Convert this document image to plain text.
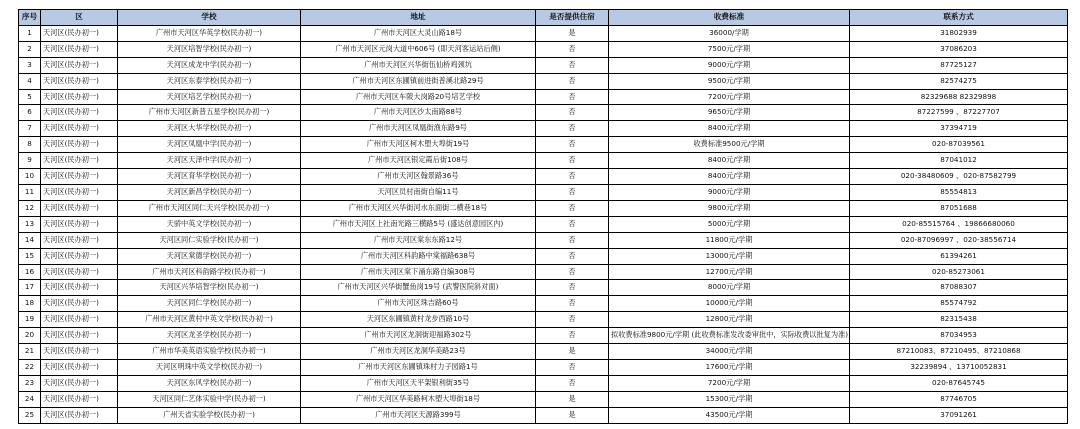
序号	区	学校	地址	是否提供住宿	收费标准	联系方式
1	天河区(民办初一)	广州市天河区华英学校(民办初一)	广州市天河区大灵山路18号	是	36000/学期	31802939
2	天河区(民办初一)	天河区培智学校(民办初一)	广州市天河区元岗大道中606号 (即天河客运站后侧)	否	7500元/学期	37086203
3	天河区(民办初一)	天河区成龙中学(民办初一)	广州市天河区兴华街伍仙桥鸡颈坑	否	9000元/学期	87725127
4	天河区(民办初一)	天河区东泰学校(民办初一)	广州市天河区东圃镇前进街普溪北路29号	否	9500元/学期	82574275
5	天河区(民办初一)	天河区培艺学校(民办初一)	广州市天河区车陂大岗路20号培艺学校	否	7200元/学期	82329688 82329898
6	天河区(民办初一)	广州市天河区新普五星学校(民办初一)	广州市天河区沙太南路88号	否	9650元/学期	87227599 、87227707
7	天河区(民办初一)	天河区大华学校(民办初一)	广州市天河区凤凰街渔东路9号	否	8400元/学期	37394719
8	天河区(民办初一)	天河区凤凰中学(民办初一)	广州市天河区柯木塱大埠街19号	否	收费标准9500元/学期	020-87039561
9	天河区(民办初一)	天河区天泽中学(民办初一)	广州市天河区银定霞后街108号	否	8400元/学期	87041012
10	天河区(民办初一)	天河区育华学校(民办初一)	广州市天河区翰景路36号	否	8400元/学期	020-38480609 、020-87582799
11	天河区(民办初一)	天河区新昌学校(民办初一)	天河区员村南街自编11号	否	9000元/学期	85554813
12	天河区(民办初一)	广州市天河区同仁天兴学校(民办初一)	广州市天河区兴华街河水东面街二横巷18号	否	9800元/学期	87051688
13	天河区(民办初一)	天骄中英文学校(民办初一)	广州市天河区上社南光路三横路5号 (盛达创意园区内)	否	5000元/学期	020-85515764 、19866680060
14	天河区(民办初一)	天河区同仁实验学校(民办初一)	广州市天河区棠东东路12号	否	11800元/学期	020-87096997 、020-38556714
15	天河区(民办初一)	天河区棠德学校(民办初一)	广州市天河区科韵路中棠福路638号	否	13000元/学期	61394261
16	天河区(民办初一)	广州市天河区科韵路学校(民办初一)	广州市天河区棠下涌东路自编308号	否	12700元/学期	020-85273061
17	天河区(民办初一)	天河区兴华培智学校(民办初一)	广州市天河区兴华街蟹鱼岗19号 (武警医院斜对面)	否	8000元/学期	87088307
18	天河区(民办初一)	天河区同仁学校(民办初一)	广州市天河区珠吉路60号	否	10000元/学期	85574792
19	天河区(民办初一)	广州市天河区黄村中英文学校(民办初一)	天河区东圃镇黄村龙步西路10号	否	12800元/学期	82315438
20	天河区(民办初一)	天河区龙圣学校(民办初一)	广州市天河区龙洞街迎福路302号	否	拟收费标准9800元/学期 (此收费标准发改委审批中，实际收费以批复为准)	87034953
21	天河区(民办初一)	广州市华美英语实验学校(民办初一)	广州市天河区龙洞华美路23号	是	34000元/学期	87210083、87210495、87210868
22	天河区(民办初一)	天河区明珠中英文学校(民办初一)	广州市天河区东圃镇珠村力子园路1号	否	17600元/学期	32239894 、13710052831
23	天河区(民办初一)	天河区东风学校(民办初一)	广州市天河区天平架银利街35号	否	7200元/学期	020-87645745
24	天河区(民办初一)	天河区同仁艺体实验中学(民办初一)	广州市天河区华美路柯木塱大埠街18号	是	15300元/学期	87746705
25	天河区(民办初一)	广州天省实验学校(民办初一)	广州市天河区天源路399号	是	43500元/学期	37091261
